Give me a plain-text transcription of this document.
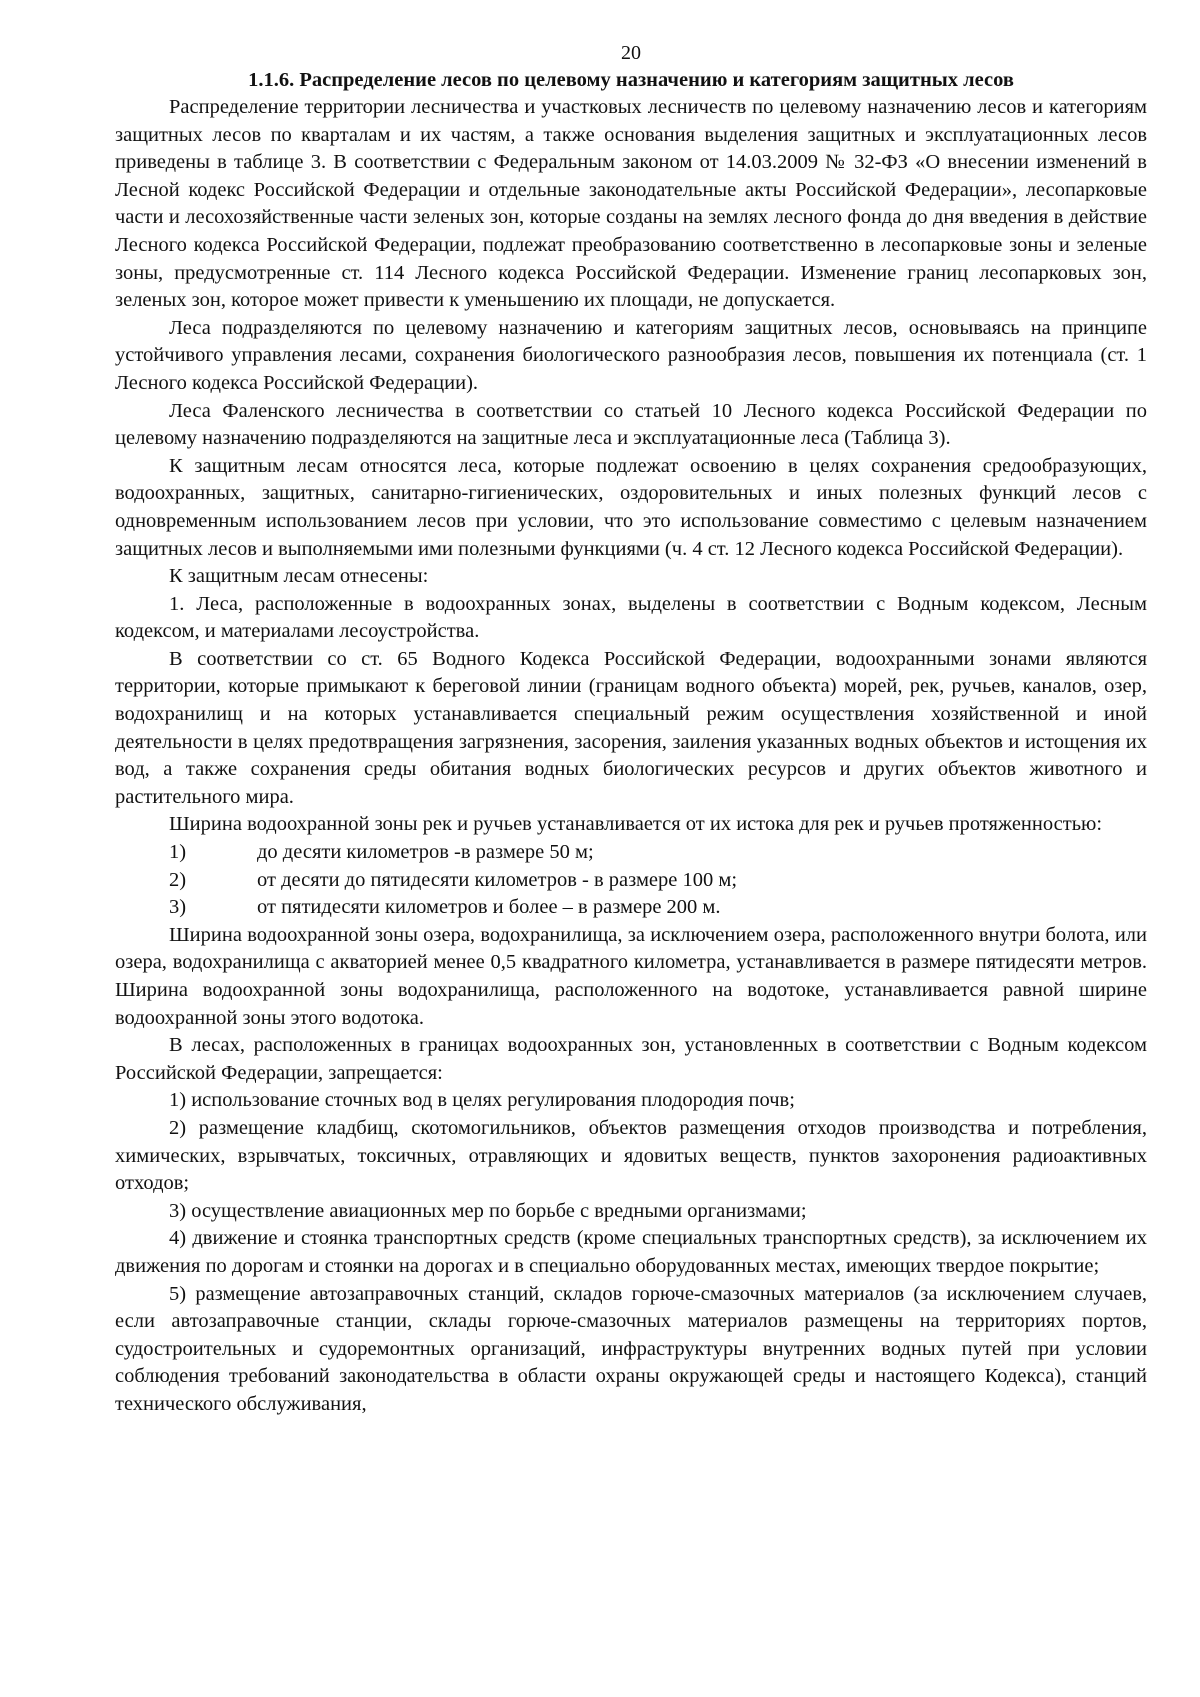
20

1.1.6. Распределение лесов по целевому назначению и категориям защитных лесов

Распределение территории лесничества и участковых лесничеств по целевому назначению лесов и категориям защитных лесов по кварталам и их частям, а также основания выделения защитных и эксплуатационных лесов приведены в таблице 3. В соответствии с Федеральным законом от 14.03.2009 № 32-ФЗ «О внесении изменений в Лесной кодекс Российской Федерации и отдельные законодательные акты Российской Федерации», лесопарковые части и лесохозяйственные части зеленых зон, которые созданы на землях лесного фонда до дня введения в действие Лесного кодекса Российской Федерации, подлежат преобразованию соответственно в лесопарковые зоны и зеленые зоны, предусмотренные ст. 114 Лесного кодекса Российской Федерации. Изменение границ лесопарковых зон, зеленых зон, которое может привести к уменьшению их площади, не допускается.

Леса подразделяются по целевому назначению и категориям защитных лесов, основываясь на принципе устойчивого управления лесами, сохранения биологического разнообразия лесов, повышения их потенциала (ст. 1 Лесного кодекса Российской Федерации).

Леса Фаленского лесничества в соответствии со статьей 10 Лесного кодекса Российской Федерации по целевому назначению подразделяются на защитные леса и эксплуатационные леса (Таблица 3).

К защитным лесам относятся леса, которые подлежат освоению в целях сохранения средообразующих, водоохранных, защитных, санитарно-гигиенических, оздоровительных и иных полезных функций лесов с одновременным использованием лесов при условии, что это использование совместимо с целевым назначением защитных лесов и выполняемыми ими полезными функциями (ч. 4 ст. 12 Лесного кодекса Российской Федерации).

К защитным лесам отнесены:

1. Леса, расположенные в водоохранных зонах, выделены в соответствии с Водным кодексом, Лесным кодексом, и материалами лесоустройства.

В соответствии со ст. 65 Водного Кодекса Российской Федерации, водоохранными зонами являются территории, которые примыкают к береговой линии (границам водного объекта) морей, рек, ручьев, каналов, озер, водохранилищ и на которых устанавливается специальный режим осуществления хозяйственной и иной деятельности в целях предотвращения загрязнения, засорения, заиления указанных водных объектов и истощения их вод, а также сохранения среды обитания водных биологических ресурсов и других объектов животного и растительного мира.

Ширина водоохранной зоны рек и ручьев устанавливается от их истока для рек и ручьев протяженностью:

1)	до десяти километров -в размере 50 м;
2)	от десяти до пятидесяти километров - в размере 100 м;
3)	от пятидесяти километров и более – в размере 200 м.

Ширина водоохранной зоны озера, водохранилища, за исключением озера, расположенного внутри болота, или озера, водохранилища с акваторией менее 0,5 квадратного километра, устанавливается в размере пятидесяти метров. Ширина водоохранной зоны водохранилища, расположенного на водотоке, устанавливается равной ширине водоохранной зоны этого водотока.

В лесах, расположенных в границах водоохранных зон, установленных в соответствии с Водным кодексом Российской Федерации, запрещается:

1) использование сточных вод в целях регулирования плодородия почв;

2) размещение кладбищ, скотомогильников, объектов размещения отходов производства и потребления, химических, взрывчатых, токсичных, отравляющих и ядовитых веществ, пунктов захоронения радиоактивных отходов;

3) осуществление авиационных мер по борьбе с вредными организмами;

4) движение и стоянка транспортных средств (кроме специальных транспортных средств), за исключением их движения по дорогам и стоянки на дорогах и в специально оборудованных местах, имеющих твердое покрытие;

5) размещение автозаправочных станций, складов горюче-смазочных материалов (за исключением случаев, если автозаправочные станции, склады горюче-смазочных материалов размещены на территориях портов, судостроительных и судоремонтных организаций, инфраструктуры внутренних водных путей при условии соблюдения требований законодательства в области охраны окружающей среды и настоящего Кодекса), станций технического обслуживания,
